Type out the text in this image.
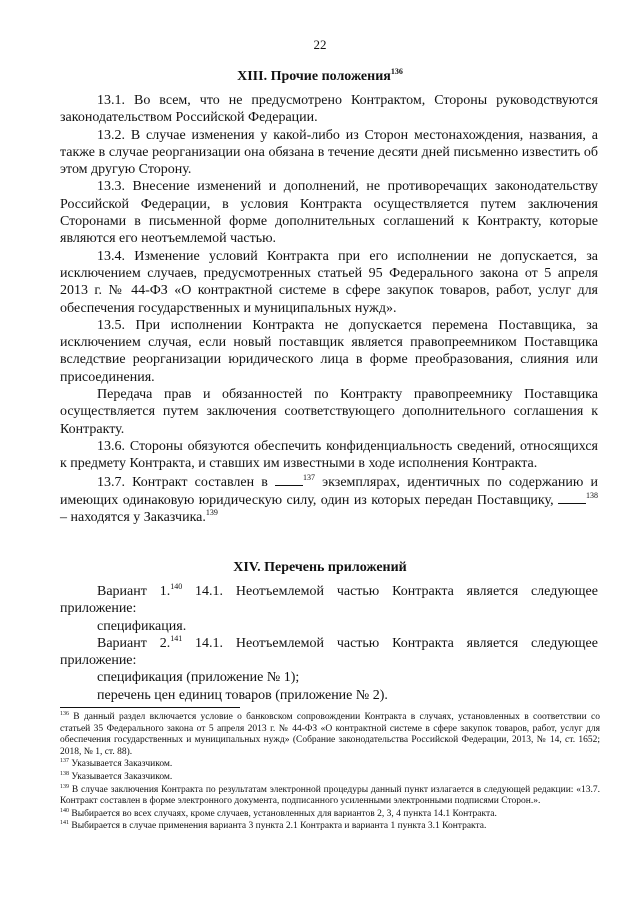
22

XIII. Прочие положения$^{136}$

13.1. Во всем, что не предусмотрено Контрактом, Стороны руководствуются законодательством Российской Федерации.

13.2. В случае изменения у какой-либо из Сторон местонахождения, названия, а также в случае реорганизации она обязана в течение десяти дней письменно известить об этом другую Сторону.

13.3. Внесение изменений и дополнений, не противоречащих законодательству Российской Федерации, в условия Контракта осуществляется путем заключения Сторонами в письменной форме дополнительных соглашений к Контракту, которые являются его неотъемлемой частью.

13.4. Изменение условий Контракта при его исполнении не допускается, за исключением случаев, предусмотренных статьей 95 Федерального закона от 5 апреля 2013 г. № 44-ФЗ «О контрактной системе в сфере закупок товаров, работ, услуг для обеспечения государственных и муниципальных нужд».

13.5. При исполнении Контракта не допускается перемена Поставщика, за исключением случая, если новый поставщик является правопреемником Поставщика вследствие реорганизации юридического лица в форме преобразования, слияния или присоединения.

Передача прав и обязанностей по Контракту правопреемнику Поставщика осуществляется путем заключения соответствующего дополнительного соглашения к Контракту.

13.6. Стороны обязуются обеспечить конфиденциальность сведений, относящихся к предмету Контракта, и ставших им известными в ходе исполнения Контракта.

13.7. Контракт составлен в	$^{137}$ экземплярах, идентичных по содержанию и имеющих одинаковую юридическую силу, один из которых передан Поставщику,	$^{138}$ – находятся у Заказчика.$^{139}$

XIV. Перечень приложений

Вариант 1.$^{140}$ 14.1. Неотъемлемой частью Контракта является следующее приложение:

спецификация.

Вариант 2.$^{141}$ 14.1. Неотъемлемой частью Контракта является следующее приложение:

спецификация (приложение № 1);

перечень цен единиц товаров (приложение № 2).

$^{136}$ В данный раздел включается условие о банковском сопровождении Контракта в случаях, установленных в соответствии со статьей 35 Федерального закона от 5 апреля 2013 г. № 44-ФЗ «О контрактной системе в сфере закупок товаров, работ, услуг для обеспечения государственных и муниципальных нужд» (Собрание законодательства Российской Федерации, 2013, № 14, ст. 1652; 2018, № 1, ст. 88).

$^{137}$ Указывается Заказчиком.

$^{138}$ Указывается Заказчиком.

$^{139}$ В случае заключения Контракта по результатам электронной процедуры данный пункт излагается в следующей редакции: «13.7. Контракт составлен в форме электронного документа, подписанного усиленными электронными подписями Сторон.».

$^{140}$ Выбирается во всех случаях, кроме случаев, установленных для вариантов 2, 3, 4 пункта 14.1 Контракта.

$^{141}$ Выбирается в случае применения варианта 3 пункта 2.1 Контракта и варианта 1 пункта 3.1 Контракта.
